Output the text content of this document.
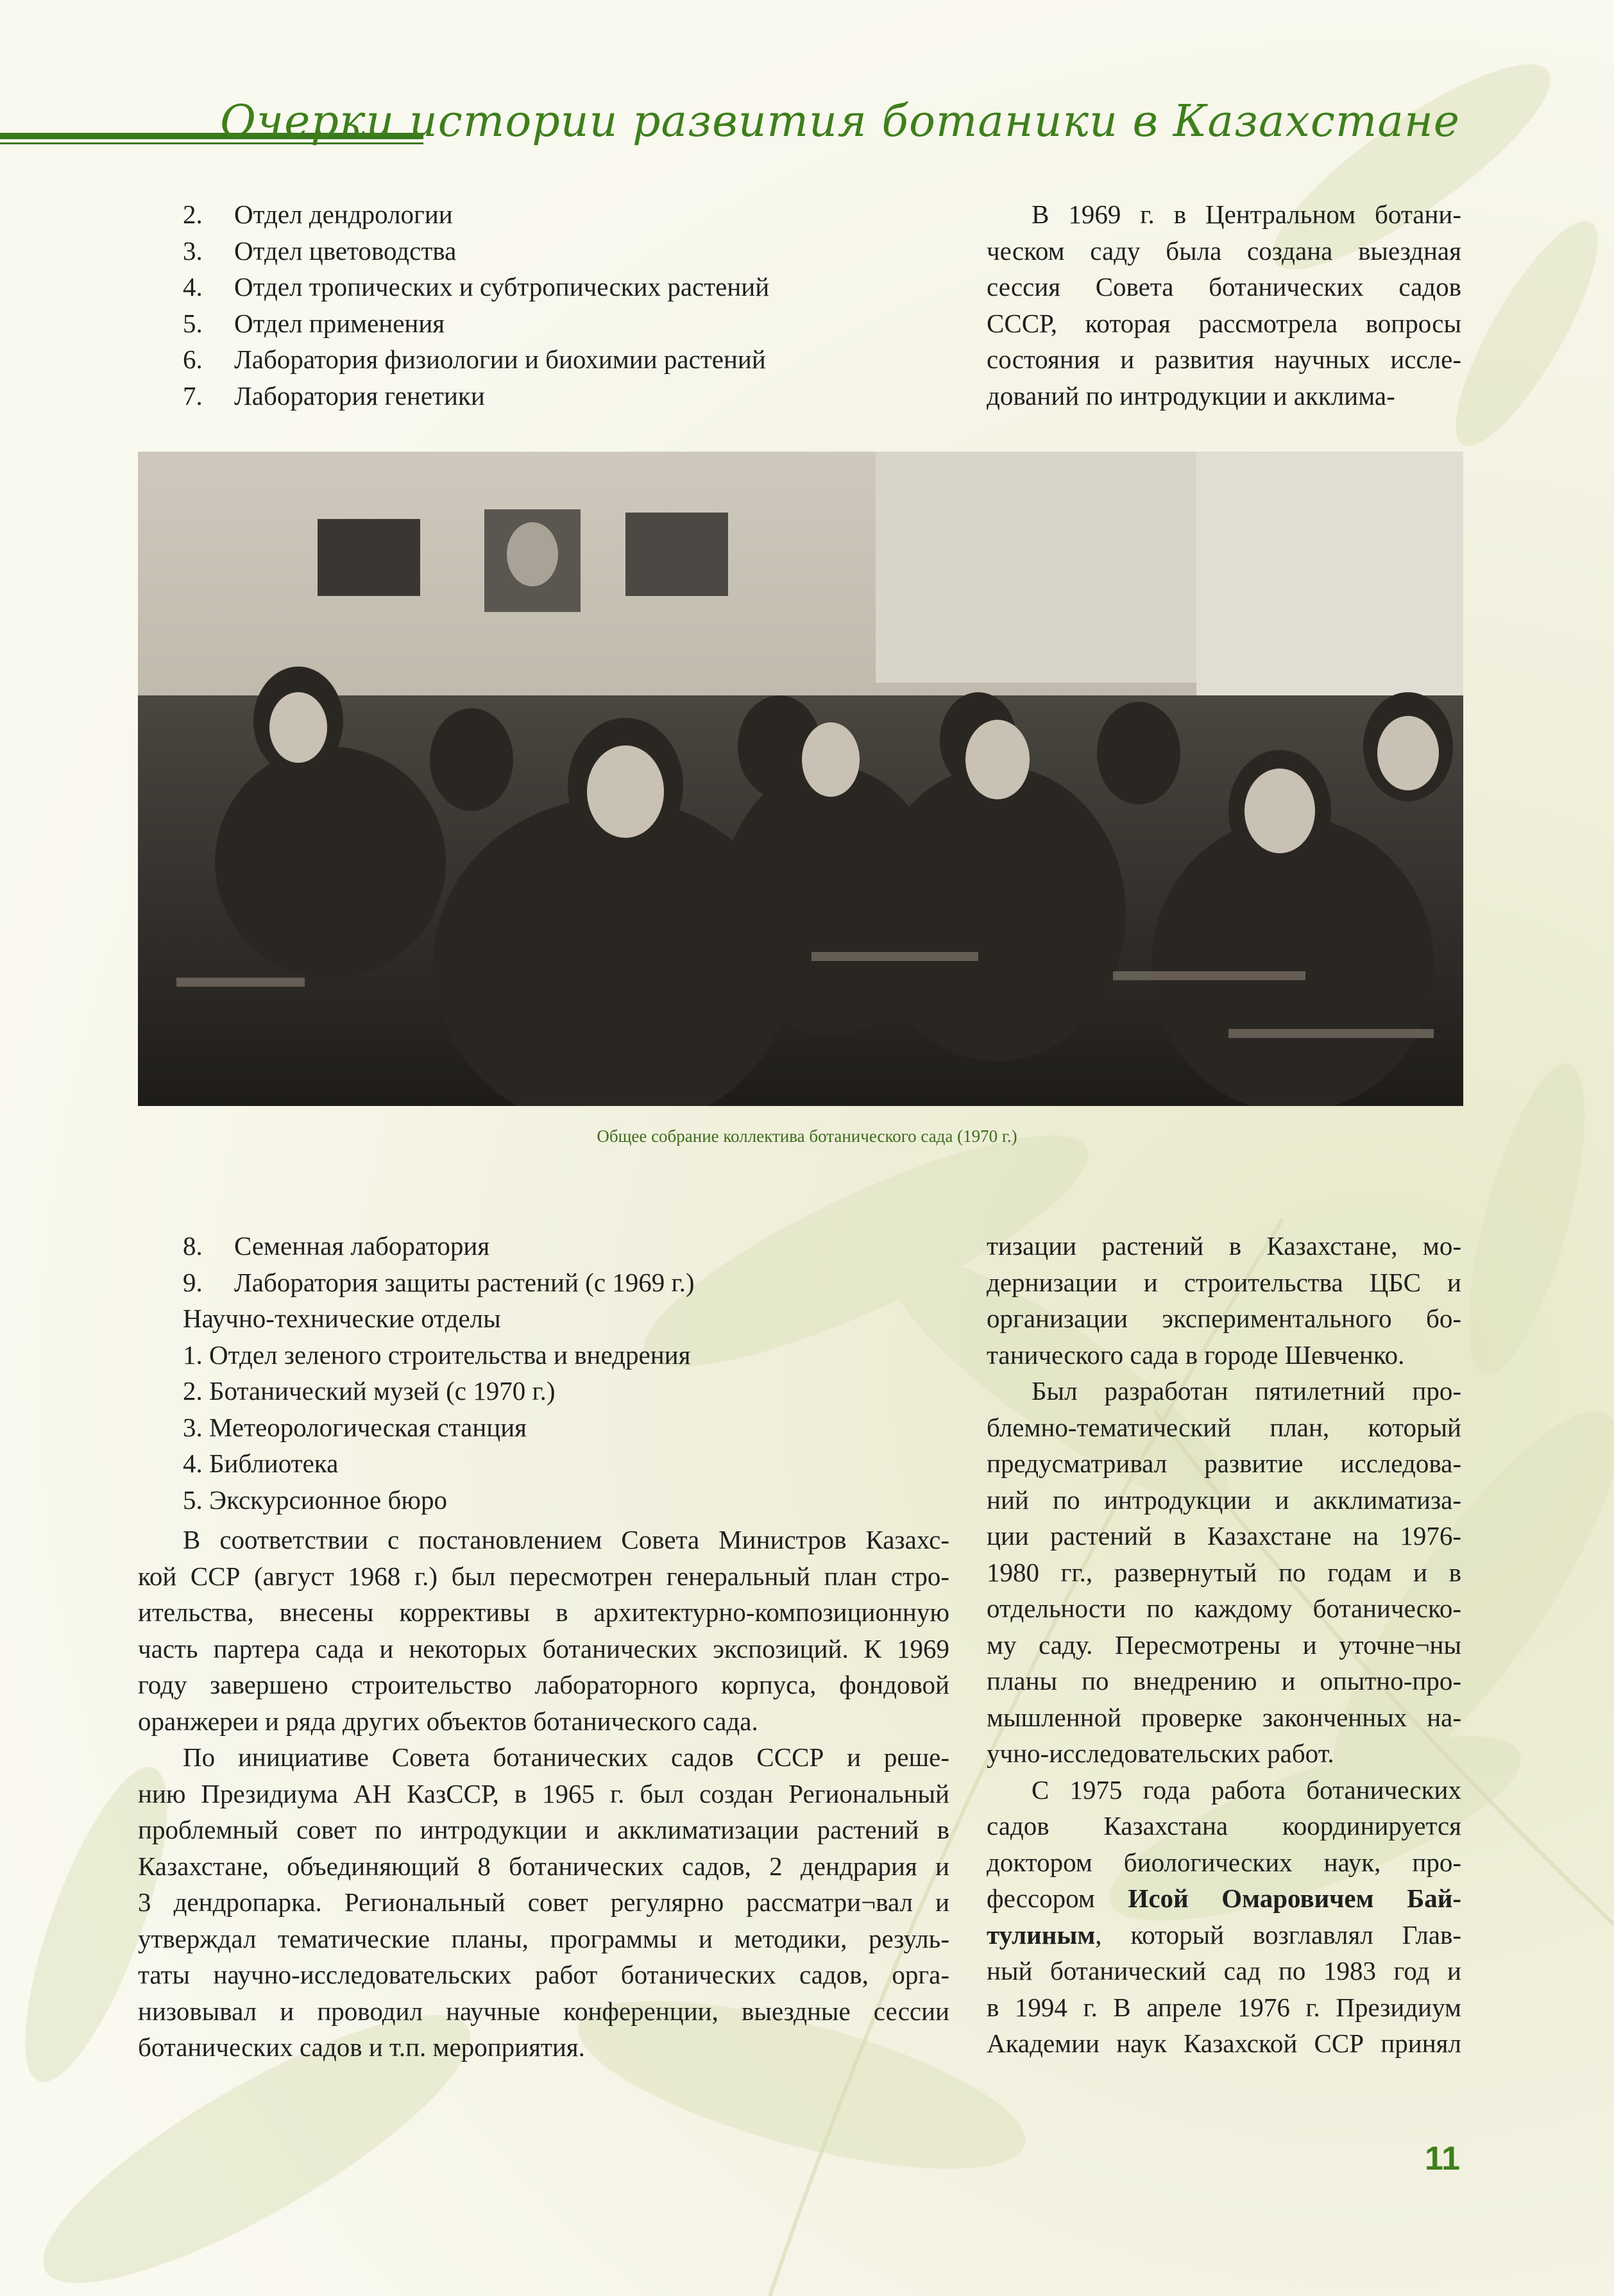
Очерки истории развития ботаники в Казахстане
2.	Отдел дендрологии
3.	Отдел цветоводства
4.	Отдел тропических и субтропических растений
5.	Отдел применения
6.	Лаборатория физиологии и биохимии растений
7.	Лаборатория генетики
В 1969 г. в Центральном ботани-
ческом саду была создана выездная
сессия Совета ботанических садов
СССР, которая рассмотрела вопросы
состояния и развития научных иссле-
дований по интродукции и акклима-
Общее собрание коллектива ботанического сада (1970 г.)
8.	Семенная лаборатория
9.	Лаборатория защиты растений (с 1969 г.)
Научно-технические отделы
1. Отдел зеленого строительства и внедрения
2. Ботанический музей (с 1970 г.)
3. Метеорологическая станция
4. Библиотека
5. Экскурсионное бюро
В соответствии с постановлением Совета Министров Казахс-
кой ССР (август 1968 г.) был пересмотрен генеральный план стро-
ительства, внесены коррективы в архитектурно-композиционную
часть партера сада и некоторых ботанических экспозиций. К 1969
году завершено строительство лабораторного корпуса, фондовой
оранжереи и ряда других объектов ботанического сада.
По инициативе Совета ботанических садов СССР и реше-
нию Президиума АН КазССР, в 1965 г. был создан Региональный
проблемный совет по интродукции и акклиматизации растений в
Казахстане, объединяющий 8 ботанических садов, 2 дендрария и
3 дендропарка. Региональный совет регулярно рассматри¬вал и
утверждал тематические планы, программы и методики, резуль-
таты научно-исследовательских работ ботанических садов, орга-
низовывал и проводил научные конференции, выездные сессии
ботанических садов и т.п. мероприятия.
тизации растений в Казахстане, мо-
дернизации и строительства ЦБС и
организации экспериментального бо-
танического сада в городе Шевченко.
Был разработан пятилетний про-
блемно-тематический план, который
предусматривал развитие исследова-
ний по интродукции и акклиматиза-
ции растений в Казахстане на 1976-
1980 гг., развернутый по годам и в
отдельности по каждому ботаническо-
му саду. Пересмотрены и уточне¬ны
планы по внедрению и опытно-про-
мышленной проверке законченных на-
учно-исследовательских работ.
С 1975 года работа ботанических
садов Казахстана координируется
доктором биологических наук, про-
фессором Исой Омаровичем Бай-
тулиным, который возглавлял Глав-
ный ботанический сад по 1983 год и
в 1994 г. В апреле 1976 г. Президиум
Академии наук Казахской ССР принял
11
